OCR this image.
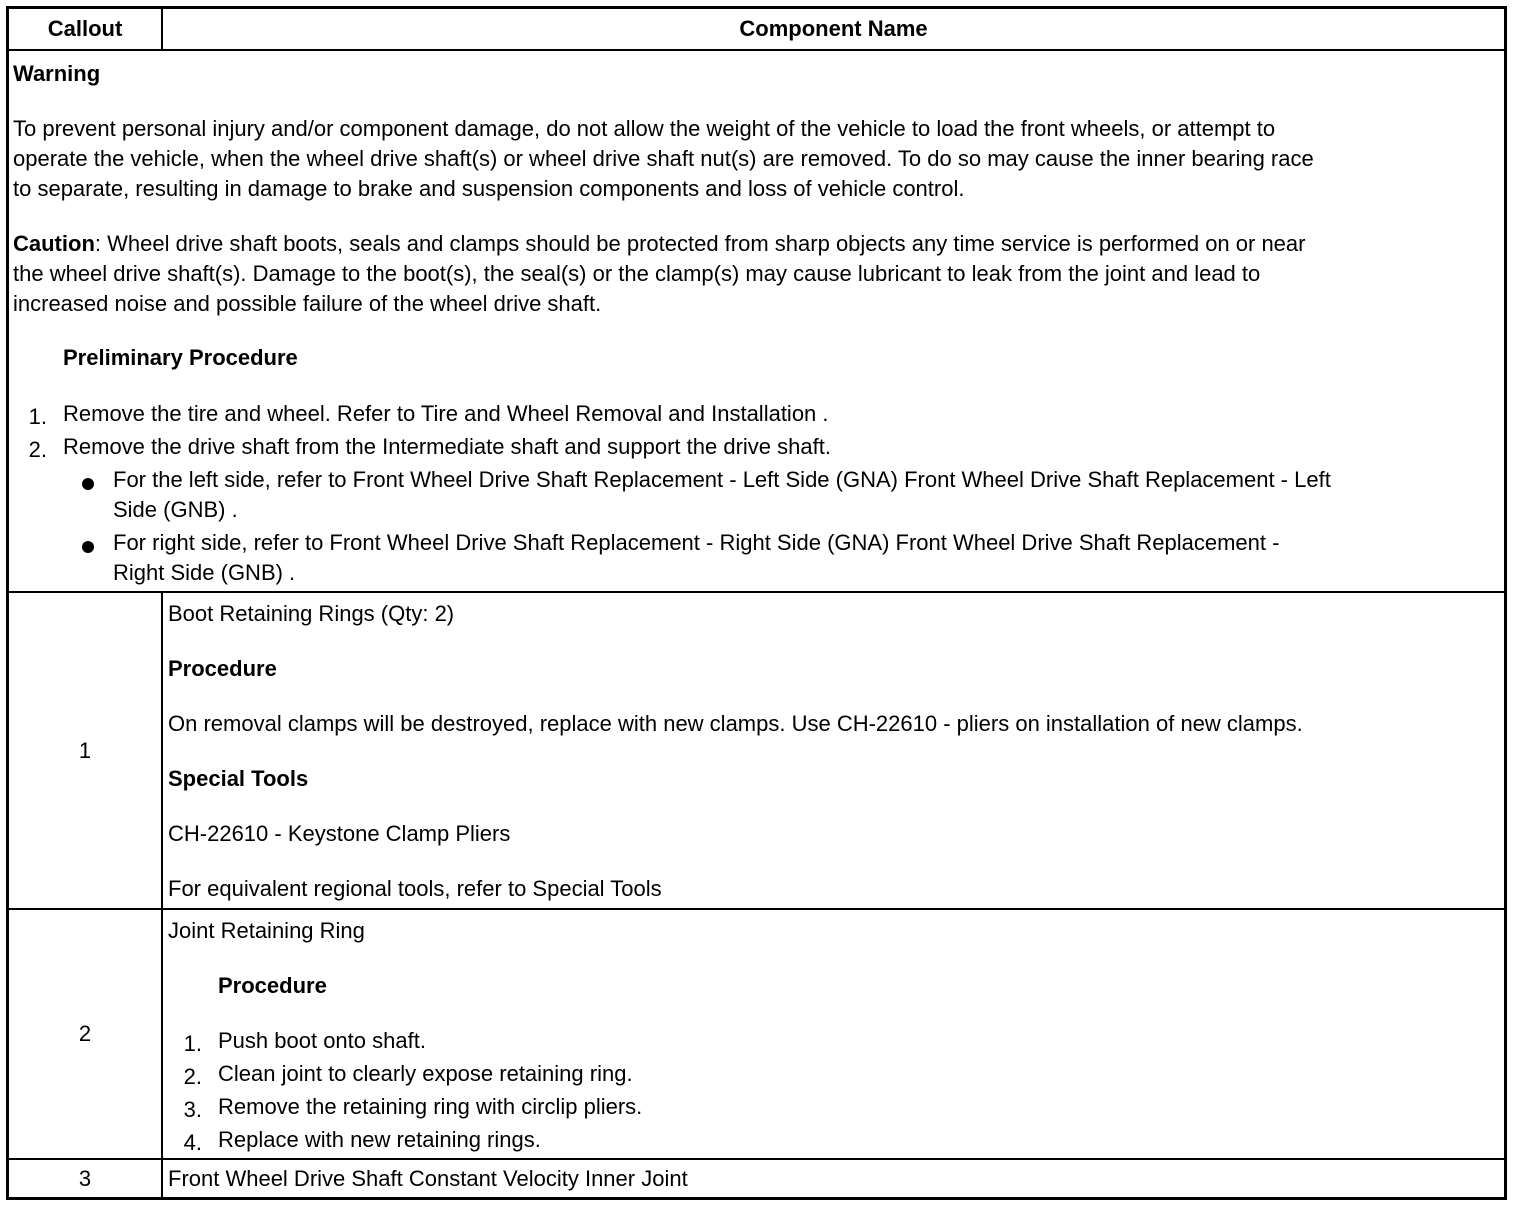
Callout	Component Name
Warning
To prevent personal injury and/or component damage, do not allow the weight of the vehicle to load the front wheels, or attempt to
operate the vehicle, when the wheel drive shaft(s) or wheel drive shaft nut(s) are removed. To do so may cause the inner bearing race
to separate, resulting in damage to brake and suspension components and loss of vehicle control.
Caution: Wheel drive shaft boots, seals and clamps should be protected from sharp objects any time service is performed on or near
the wheel drive shaft(s). Damage to the boot(s), the seal(s) or the clamp(s) may cause lubricant to leak from the joint and lead to
increased noise and possible failure of the wheel drive shaft.
Preliminary Procedure
1. Remove the tire and wheel. Refer to Tire and Wheel Removal and Installation .
2. Remove the drive shaft from the Intermediate shaft and support the drive shaft.
For the left side, refer to Front Wheel Drive Shaft Replacement - Left Side (GNA) Front Wheel Drive Shaft Replacement - Left
Side (GNB) .
For right side, refer to Front Wheel Drive Shaft Replacement - Right Side (GNA) Front Wheel Drive Shaft Replacement -
Right Side (GNB) .
1
Boot Retaining Rings (Qty: 2)
Procedure
On removal clamps will be destroyed, replace with new clamps. Use CH-22610 - pliers on installation of new clamps.
Special Tools
CH-22610 - Keystone Clamp Pliers
For equivalent regional tools, refer to Special Tools
2
Joint Retaining Ring
Procedure
1. Push boot onto shaft.
2. Clean joint to clearly expose retaining ring.
3. Remove the retaining ring with circlip pliers.
4. Replace with new retaining rings.
3	Front Wheel Drive Shaft Constant Velocity Inner Joint
